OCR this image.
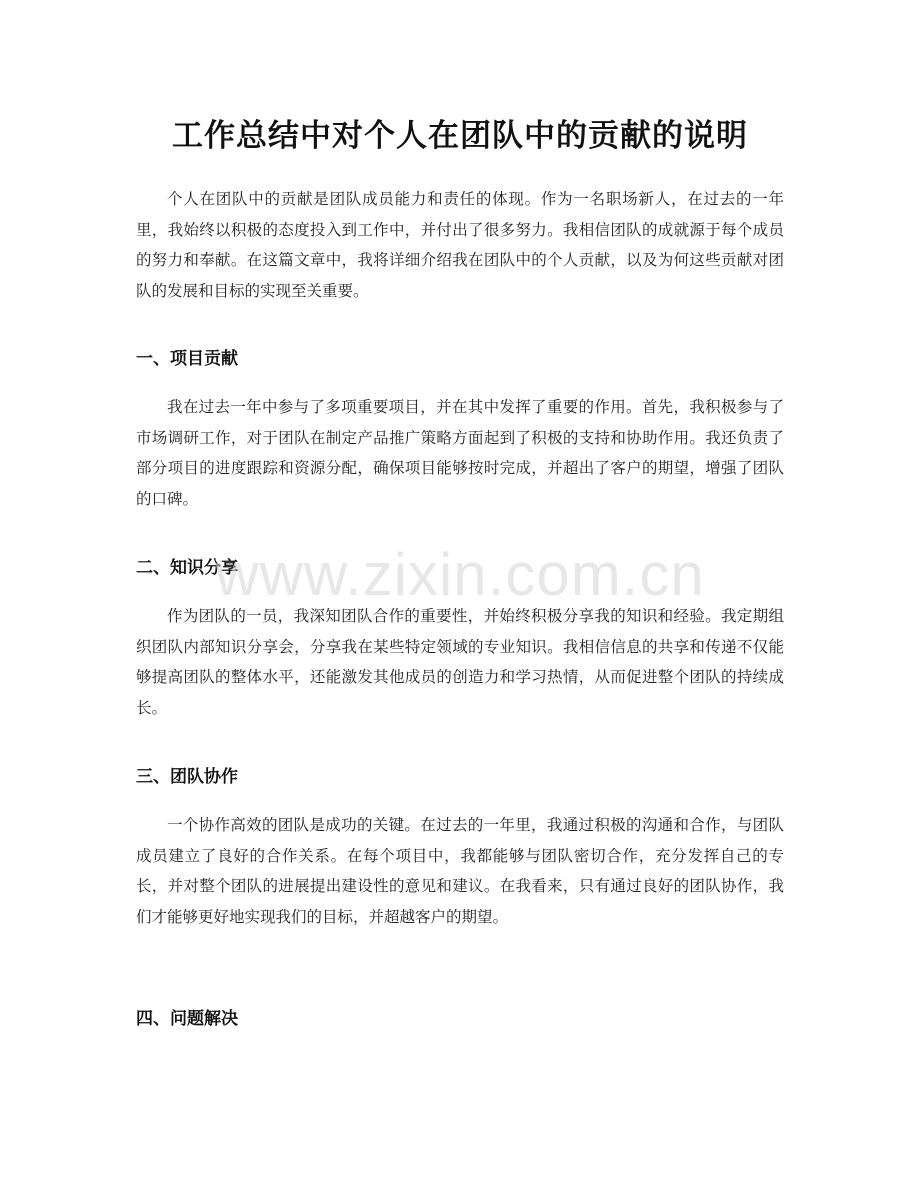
工作总结中对个人在团队中的贡献的说明

个人在团队中的贡献是团队成员能力和责任的体现。作为一名职场新人，在过去的一年里，我始终以积极的态度投入到工作中，并付出了很多努力。我相信团队的成就源于每个成员的努力和奉献。在这篇文章中，我将详细介绍我在团队中的个人贡献，以及为何这些贡献对团队的发展和目标的实现至关重要。

一、项目贡献

我在过去一年中参与了多项重要项目，并在其中发挥了重要的作用。首先，我积极参与了市场调研工作，对于团队在制定产品推广策略方面起到了积极的支持和协助作用。我还负责了部分项目的进度跟踪和资源分配，确保项目能够按时完成，并超出了客户的期望，增强了团队的口碑。

二、知识分享

作为团队的一员，我深知团队合作的重要性，并始终积极分享我的知识和经验。我定期组织团队内部知识分享会，分享我在某些特定领域的专业知识。我相信信息的共享和传递不仅能够提高团队的整体水平，还能激发其他成员的创造力和学习热情，从而促进整个团队的持续成长。

三、团队协作

一个协作高效的团队是成功的关键。在过去的一年里，我通过积极的沟通和合作，与团队成员建立了良好的合作关系。在每个项目中，我都能够与团队密切合作，充分发挥自己的专长，并对整个团队的进展提出建设性的意见和建议。在我看来，只有通过良好的团队协作，我们才能够更好地实现我们的目标，并超越客户的期望。

四、问题解决
www.zixin.com.cn
